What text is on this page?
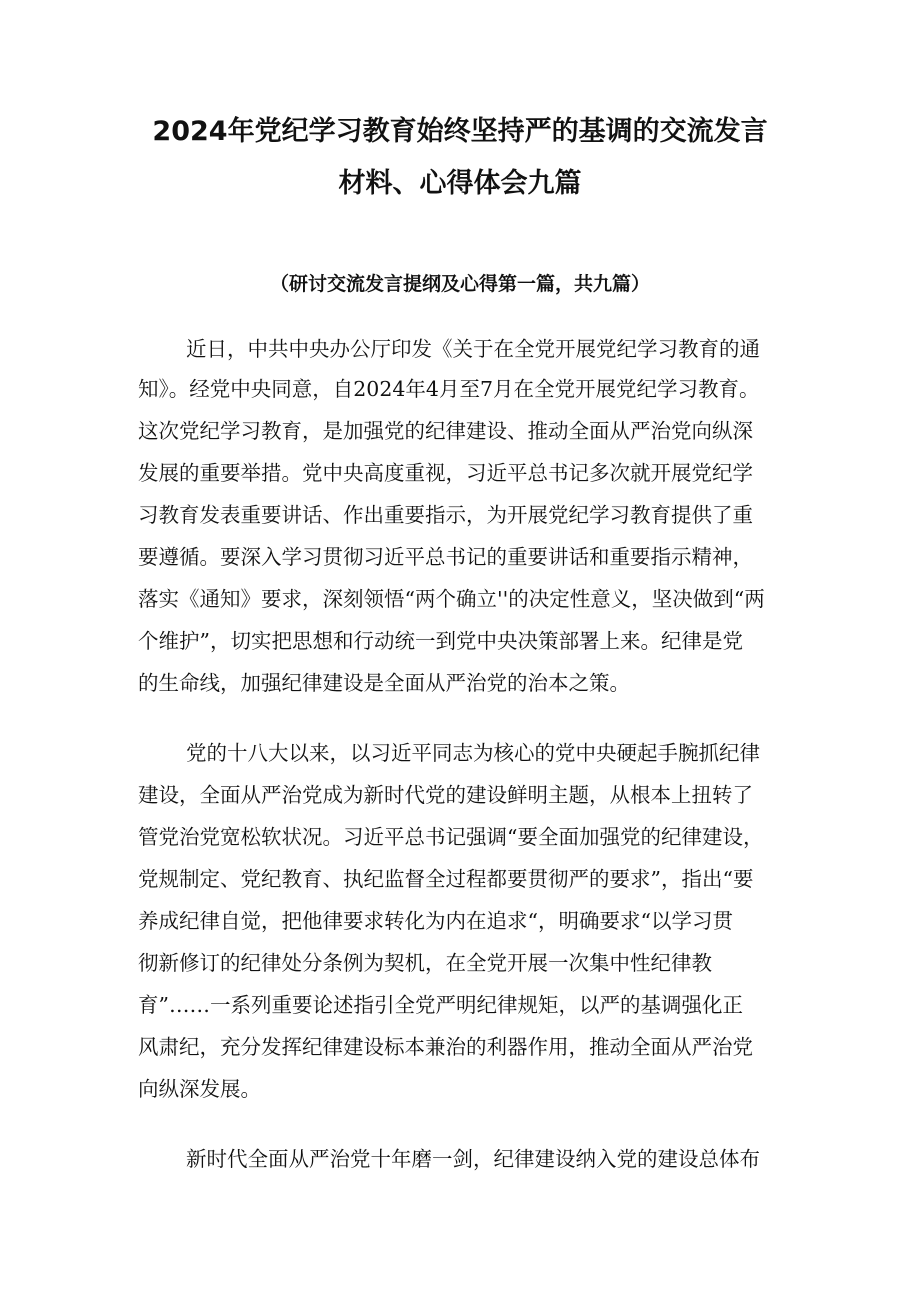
2024年党纪学习教育始终坚持严的基调的交流发言
材料、心得体会九篇
（研讨交流发言提纲及心得第一篇，共九篇）
近日，中共中央办公厅印发《关于在全党开展党纪学习教育的通
知》。经党中央同意，自2024年4月至7月在全党开展党纪学习教育。
这次党纪学习教育，是加强党的纪律建设、推动全面从严治党向纵深
发展的重要举措。党中央高度重视，习近平总书记多次就开展党纪学
习教育发表重要讲话、作出重要指示，为开展党纪学习教育提供了重
要遵循。要深入学习贯彻习近平总书记的重要讲话和重要指示精神，
落实《通知》要求，深刻领悟“两个确立''的决定性意义，坚决做到“两
个维护”，切实把思想和行动统一到党中央决策部署上来。纪律是党
的生命线，加强纪律建设是全面从严治党的治本之策。
党的十八大以来，以习近平同志为核心的党中央硬起手腕抓纪律
建设，全面从严治党成为新时代党的建设鲜明主题，从根本上扭转了
管党治党宽松软状况。习近平总书记强调“要全面加强党的纪律建设，
党规制定、党纪教育、执纪监督全过程都要贯彻严的要求”，指出“要
养成纪律自觉，把他律要求转化为内在追求“，明确要求“以学习贯
彻新修订的纪律处分条例为契机，在全党开展一次集中性纪律教
育”……一系列重要论述指引全党严明纪律规矩，以严的基调强化正
风肃纪，充分发挥纪律建设标本兼治的利器作用，推动全面从严治党
向纵深发展。
新时代全面从严治党十年磨一剑，纪律建设纳入党的建设总体布
